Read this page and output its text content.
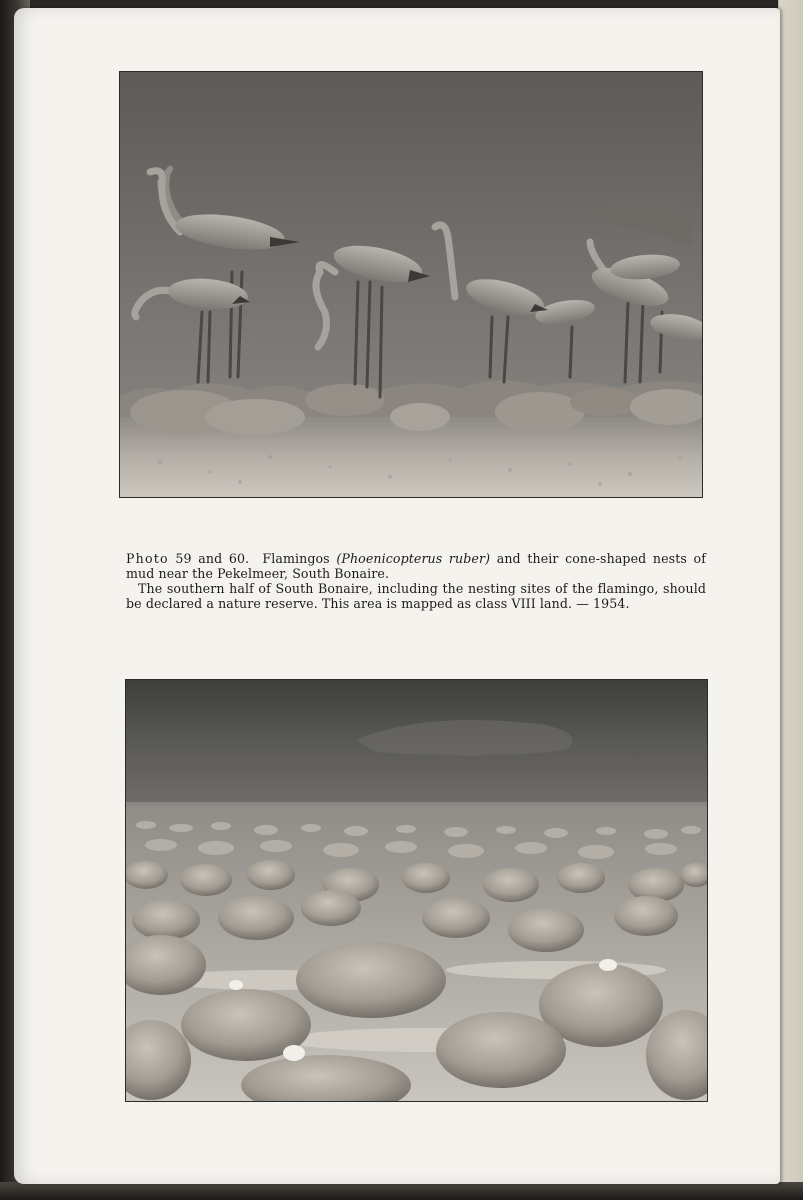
Photo 59 and 60. Flamingos (Phoenicopterus ruber) and their cone-shaped nests of mud near the Pekelmeer, South Bonaire.

The southern half of South Bonaire, including the nesting sites of the flamingo, should be declared a nature reserve. This area is mapped as class VIII land. — 1954.
